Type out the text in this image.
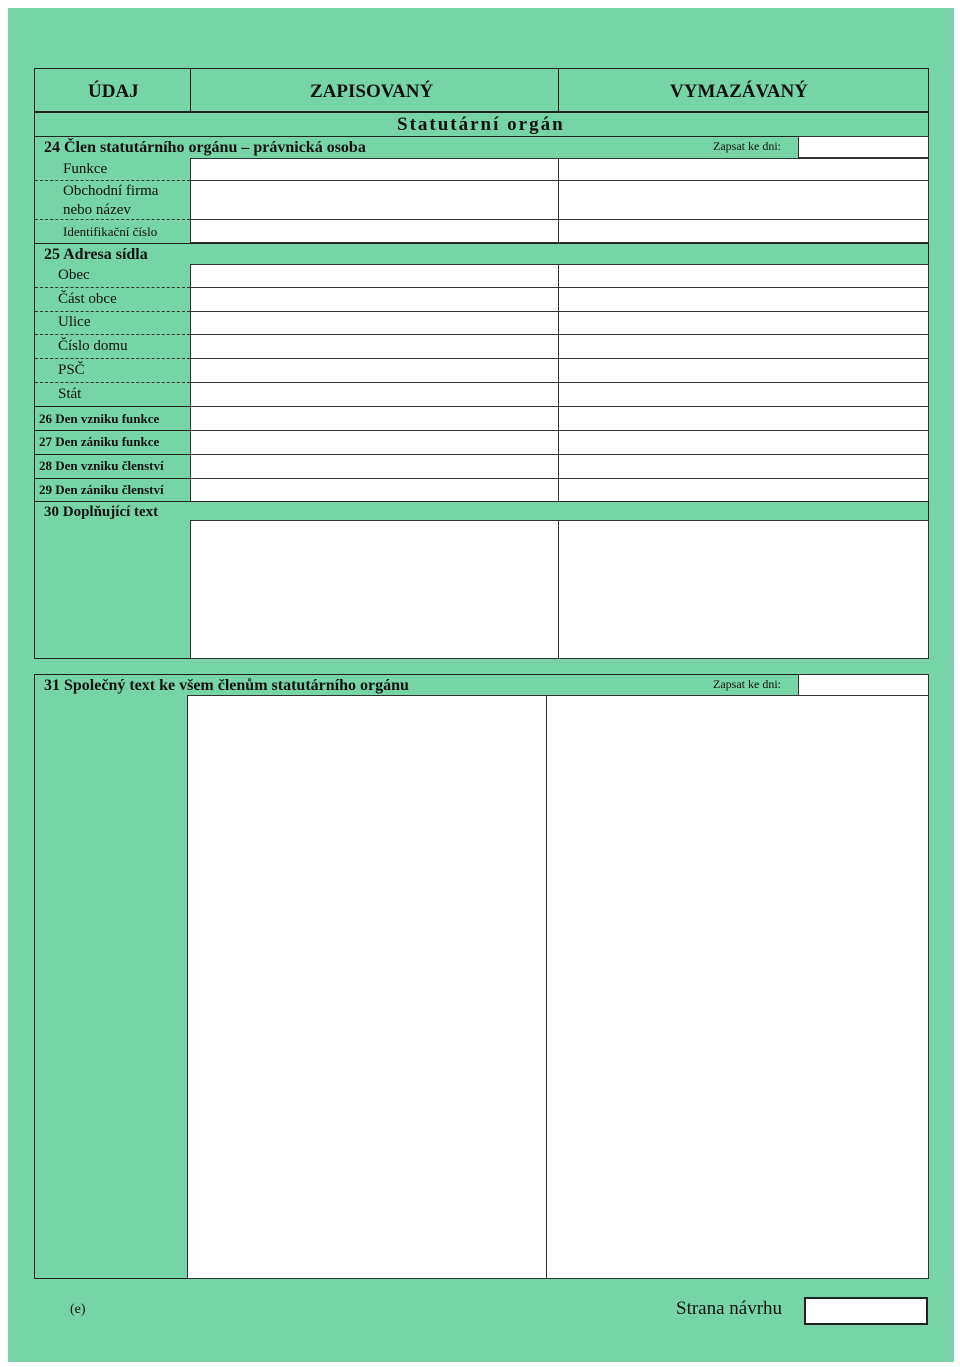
ÚDAJ	ZAPISOVANÝ	VYMAZÁVANÝ
Statutární orgán
24 Člen statutárního orgánu – právnická osoba	Zapsat ke dni:
Funkce
Obchodní firma
nebo název
Identifikační číslo
25 Adresa sídla
Obec
Část obce
Ulice
Číslo domu
PSČ
Stát
26 Den vzniku funkce
27 Den zániku funkce
28 Den vzniku členství
29 Den zániku členství
30 Doplňující text
31 Společný text ke všem členům statutárního orgánu	Zapsat ke dni:
(e)	Strana návrhu
